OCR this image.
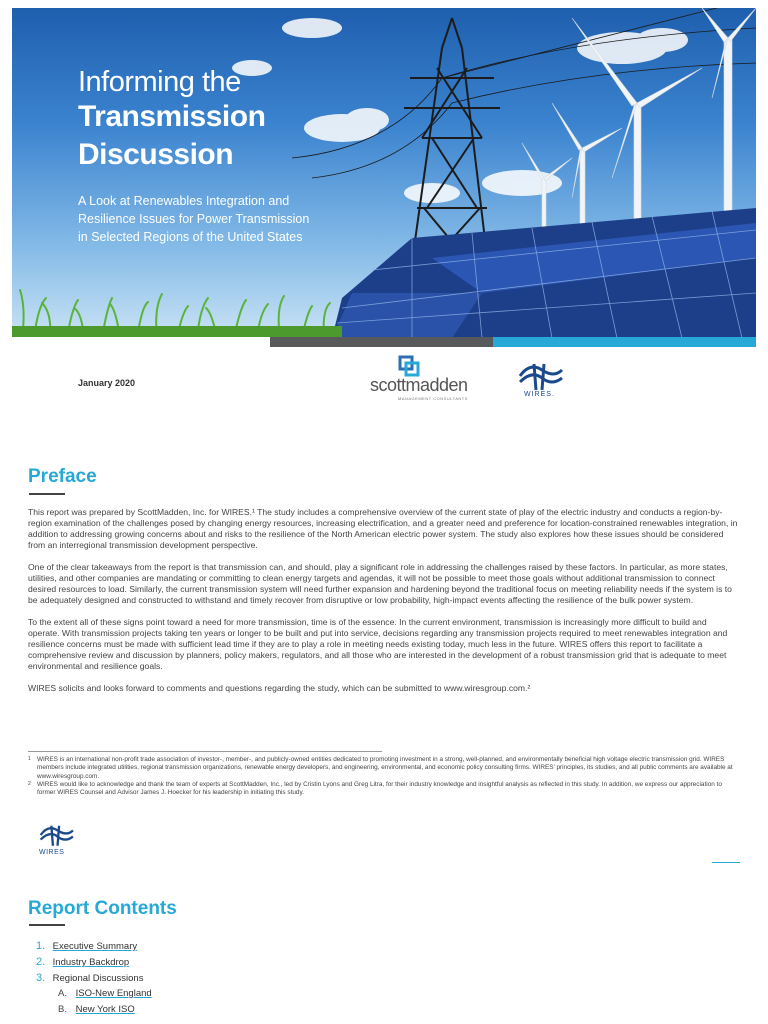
Informing the
Transmission
Discussion
A Look at Renewables Integration and Resilience Issues for Power Transmission in Selected Regions of the United States
January 2020	scottmadden
MANAGEMENT CONSULTANTS
WIRES.
Preface

This report was prepared by ScottMadden, Inc. for WIRES.¹ The study includes a comprehensive overview of the current state of play of the electric industry and conducts a region-by-region examination of the challenges posed by changing energy resources, increasing electrification, and a greater need and preference for location-constrained renewables integration, in addition to addressing growing concerns about and risks to the resilience of the North American electric power system. The study also explores how these issues should be considered from an interregional transmission development perspective.

One of the clear takeaways from the report is that transmission can, and should, play a significant role in addressing the challenges raised by these factors. In particular, as more states, utilities, and other companies are mandating or committing to clean energy targets and agendas, it will not be possible to meet those goals without additional transmission to connect desired resources to load. Similarly, the current transmission system will need further expansion and hardening beyond the traditional focus on meeting reliability needs if the system is to be adequately designed and constructed to withstand and timely recover from disruptive or low probability, high-impact events affecting the resilience of the bulk power system.

To the extent all of these signs point toward a need for more transmission, time is of the essence. In the current environment, transmission is increasingly more difficult to build and operate. With transmission projects taking ten years or longer to be built and put into service, decisions regarding any transmission projects required to meet renewables integration and resilience concerns must be made with sufficient lead time if they are to play a role in meeting needs existing today, much less in the future. WIRES offers this report to facilitate a comprehensive review and discussion by planners, policy makers, regulators, and all those who are interested in the development of a robust transmission grid that is adequate to meet environmental and resilience goals.

WIRES solicits and looks forward to comments and questions regarding the study, which can be submitted to www.wiresgroup.com.²

1 WIRES is an international non-profit trade association of investor-, member-, and publicly-owned entities dedicated to promoting investment in a strong, well-planned, and environmentally beneficial high voltage electric transmission grid. WIRES members include integrated utilities, regional transmission organizations, renewable energy developers, and engineering, environmental, and economic policy consulting firms. WIRES’ principles, its studies, and all public comments are available at www.wiresgroup.com.
2 WIRES would like to acknowledge and thank the team of experts at ScottMadden, Inc., led by Cristin Lyons and Greg Litra, for their industry knowledge and insightful analysis as reflected in this study. In addition, we express our appreciation to former WIRES Counsel and Advisor James J. Hoecker for his leadership in initiating this study.
WIRES
Report Contents
1. Executive Summary
2. Industry Backdrop
3. Regional Discussions
A. ISO-New England
B. New York ISO
